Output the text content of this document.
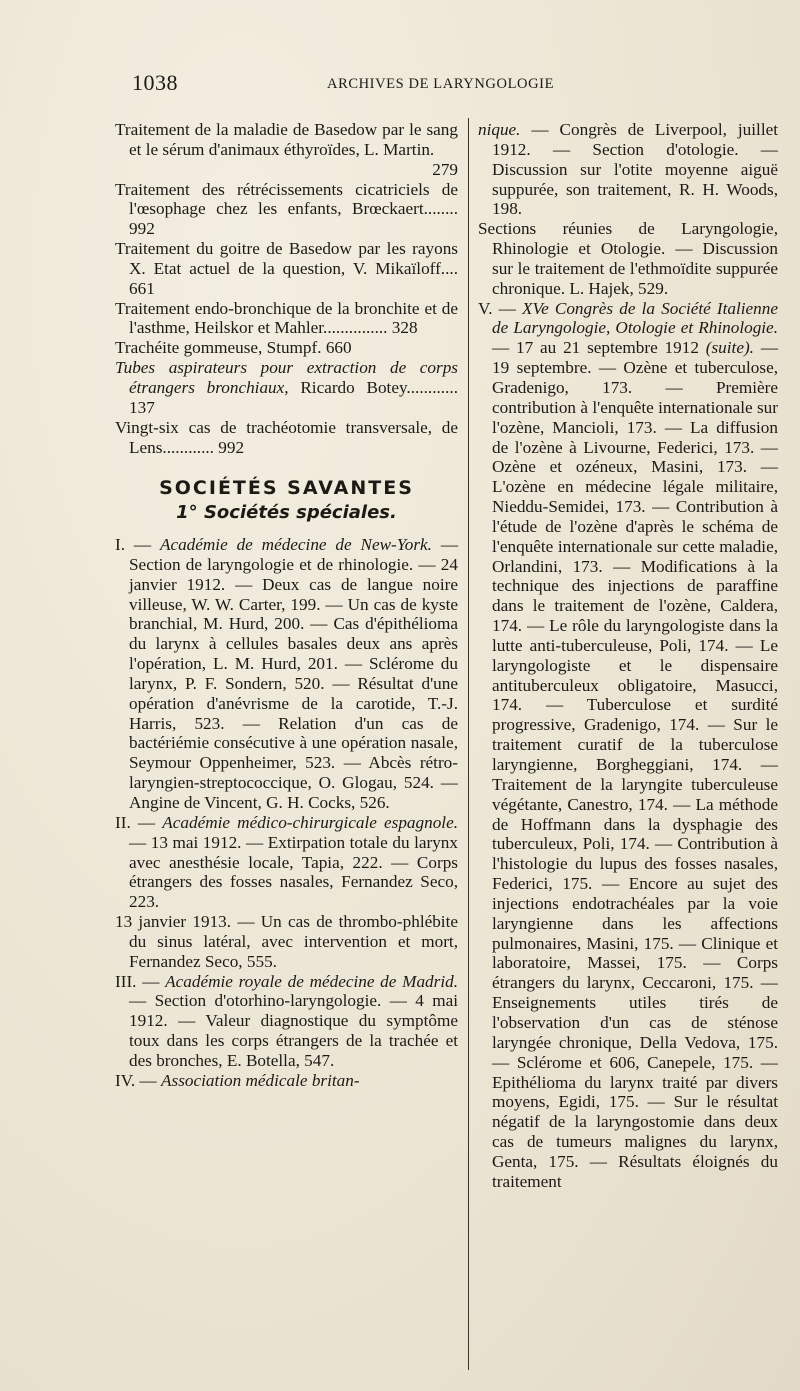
1038	ARCHIVES DE LARYNGOLOGIE

Traitement de la maladie de Basedow par le sang et le sérum d'animaux éthyroïdes, L. Martin.

279

Traitement des rétrécissements cicatriciels de l'œsophage chez les enfants, Brœckaert........ 992

Traitement du goitre de Basedow par les rayons X. Etat actuel de la question, V. Mikaïloff.... 661

Traitement endo-bronchique de la bronchite et de l'asthme, Heilskor et Mahler............... 328

Trachéite gommeuse, Stumpf. 660

Tubes aspirateurs pour extraction de corps étrangers bronchiaux, Ricardo Botey............ 137

Vingt-six cas de trachéotomie transversale, de Lens............ 992

SOCIÉTÉS SAVANTES
1° Sociétés spéciales.

I. — Académie de médecine de New-York. — Section de laryngologie et de rhinologie. — 24 janvier 1912. — Deux cas de langue noire villeuse, W. W. Carter, 199. — Un cas de kyste branchial, M. Hurd, 200. — Cas d'épithélioma du larynx à cellules basales deux ans après l'opération, L. M. Hurd, 201. — Sclérome du larynx, P. F. Sondern, 520. — Résultat d'une opération d'anévrisme de la carotide, T.-J. Harris, 523. — Relation d'un cas de bactériémie consécutive à une opération nasale, Seymour Oppenheimer, 523. — Abcès rétro-laryngien-streptococcique, O. Glogau, 524. — Angine de Vincent, G. H. Cocks, 526.

II. — Académie médico-chirurgicale espagnole. — 13 mai 1912. — Extirpation totale du larynx avec anesthésie locale, Tapia, 222. — Corps étrangers des fosses nasales, Fernandez Seco, 223.

13 janvier 1913. — Un cas de thrombo-phlébite du sinus latéral, avec intervention et mort, Fernandez Seco, 555.

III. — Académie royale de médecine de Madrid. — Section d'otorhino-laryngologie. — 4 mai 1912. — Valeur diagnostique du symptôme toux dans les corps étrangers de la trachée et des bronches, E. Botella, 547.

IV. — Association médicale britan-

nique. — Congrès de Liverpool, juillet 1912. — Section d'otologie. — Discussion sur l'otite moyenne aiguë suppurée, son traitement, R. H. Woods, 198.

Sections réunies de Laryngologie, Rhinologie et Otologie. — Discussion sur le traitement de l'ethmoïdite suppurée chronique. L. Hajek, 529.

V. — XVe Congrès de la Société Italienne de Laryngologie, Otologie et Rhinologie. — 17 au 21 septembre 1912 (suite). — 19 septembre. — Ozène et tuberculose, Gradenigo, 173. — Première contribution à l'enquête internationale sur l'ozène, Mancioli, 173. — La diffusion de l'ozène à Livourne, Federici, 173. — Ozène et ozéneux, Masini, 173. — L'ozène en médecine légale militaire, Nieddu-Semidei, 173. — Contribution à l'étude de l'ozène d'après le schéma de l'enquête internationale sur cette maladie, Orlandini, 173. — Modifications à la technique des injections de paraffine dans le traitement de l'ozène, Caldera, 174. — Le rôle du laryngologiste dans la lutte anti-tuberculeuse, Poli, 174. — Le laryngologiste et le dispensaire antituberculeux obligatoire, Masucci, 174. — Tuberculose et surdité progressive, Gradenigo, 174. — Sur le traitement curatif de la tuberculose laryngienne, Borgheggiani, 174. — Traitement de la laryngite tuberculeuse végétante, Canestro, 174. — La méthode de Hoffmann dans la dysphagie des tuberculeux, Poli, 174. — Contribution à l'histologie du lupus des fosses nasales, Federici, 175. — Encore au sujet des injections endotrachéales par la voie laryngienne dans les affections pulmonaires, Masini, 175. — Clinique et laboratoire, Massei, 175. — Corps étrangers du larynx, Ceccaroni, 175. — Enseignements utiles tirés de l'observation d'un cas de sténose laryngée chronique, Della Vedova, 175. — Sclérome et 606, Canepele, 175. — Epithélioma du larynx traité par divers moyens, Egidi, 175. — Sur le résultat négatif de la laryngostomie dans deux cas de tumeurs malignes du larynx, Genta, 175. — Résultats éloignés du traitement
